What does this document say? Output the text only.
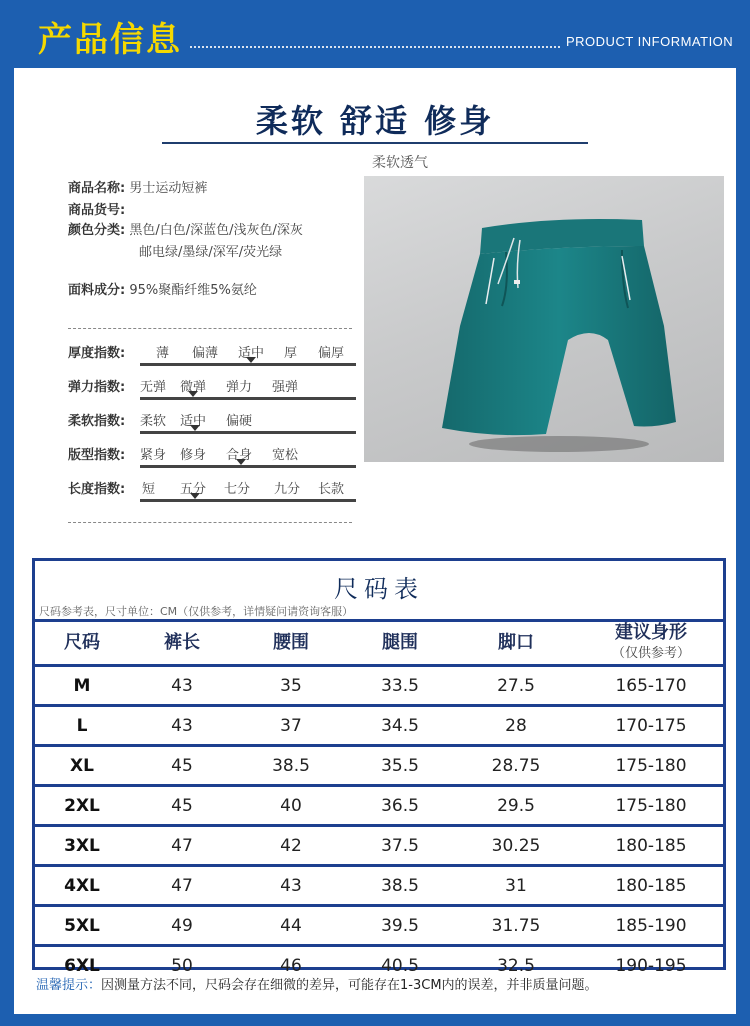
产品信息	PRODUCT INFORMATION
柔软 舒适 修身
柔软透气
商品名称: 男士运动短裤
商品货号:
颜色分类: 黑色/白色/深蓝色/浅灰色/深灰
邮电绿/墨绿/深军/荧光绿
面料成分: 95%聚酯纤维5%氨纶
厚度指数: 薄 偏薄 适中 厚 偏厚
弹力指数: 无弹 微弹 弹力 强弹
柔软指数: 柔软 适中 偏硬
版型指数: 紧身 修身 合身 宽松
长度指数: 短 五分 七分 九分 长款
尺码表
尺码参考表，尺寸单位：CM（仅供参考，详情疑问请资询客服）
尺码	裤长	腰围	腿围	脚口	建议身形
（仅供参考）

M	43	35	33.5	27.5	165-170
L	43	37	34.5	28	170-175
XL	45	38.5	35.5	28.75	175-180
2XL	45	40	36.5	29.5	175-180
3XL	47	42	37.5	30.25	180-185
4XL	47	43	38.5	31	180-185
5XL	49	44	39.5	31.75	185-190
6XL	50	46	40.5	32.5	190-195
温馨提示：因测量方法不同，尺码会存在细微的差异，可能存在1-3CM内的误差，并非质量问题。
